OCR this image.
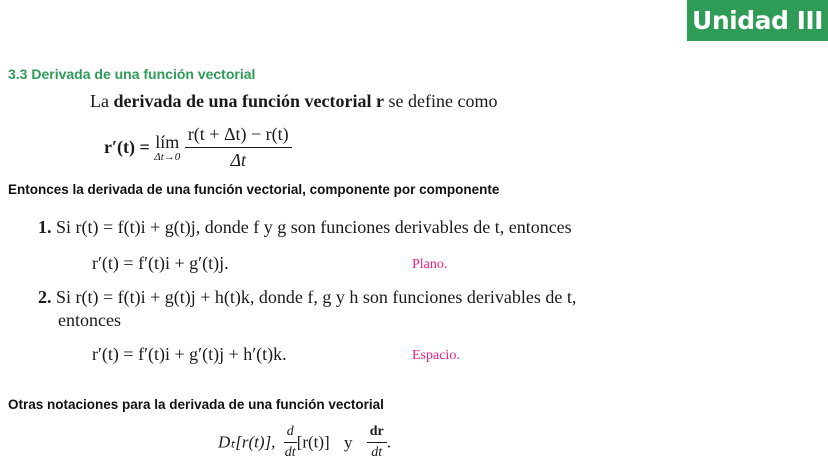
Unidad III
3.3 Derivada de una función vectorial
La derivada de una función vectorial r se define como
r′(t) = lím
Δt→0
$\frac{r(t + \Delta t) - r(t)}{\Delta t}$
Entonces la derivada de una función vectorial, componente por componente
1. Si r(t) = f(t)i + g(t)j, donde f y g son funciones derivables de t, entonces
r′(t) = f′(t)i + g′(t)j.	Plano.
2. Si r(t) = f(t)i + g(t)j + h(t)k, donde f, g y h son funciones derivables de t,
entonces
r′(t) = f′(t)i + g′(t)j + h′(t)k.	Espacio.
Otras notaciones para la derivada de una función vectorial
Dₜ[r(t)], $\frac{d}{dt} [r(t)]$ y $\frac{dr}{dt}$ .
